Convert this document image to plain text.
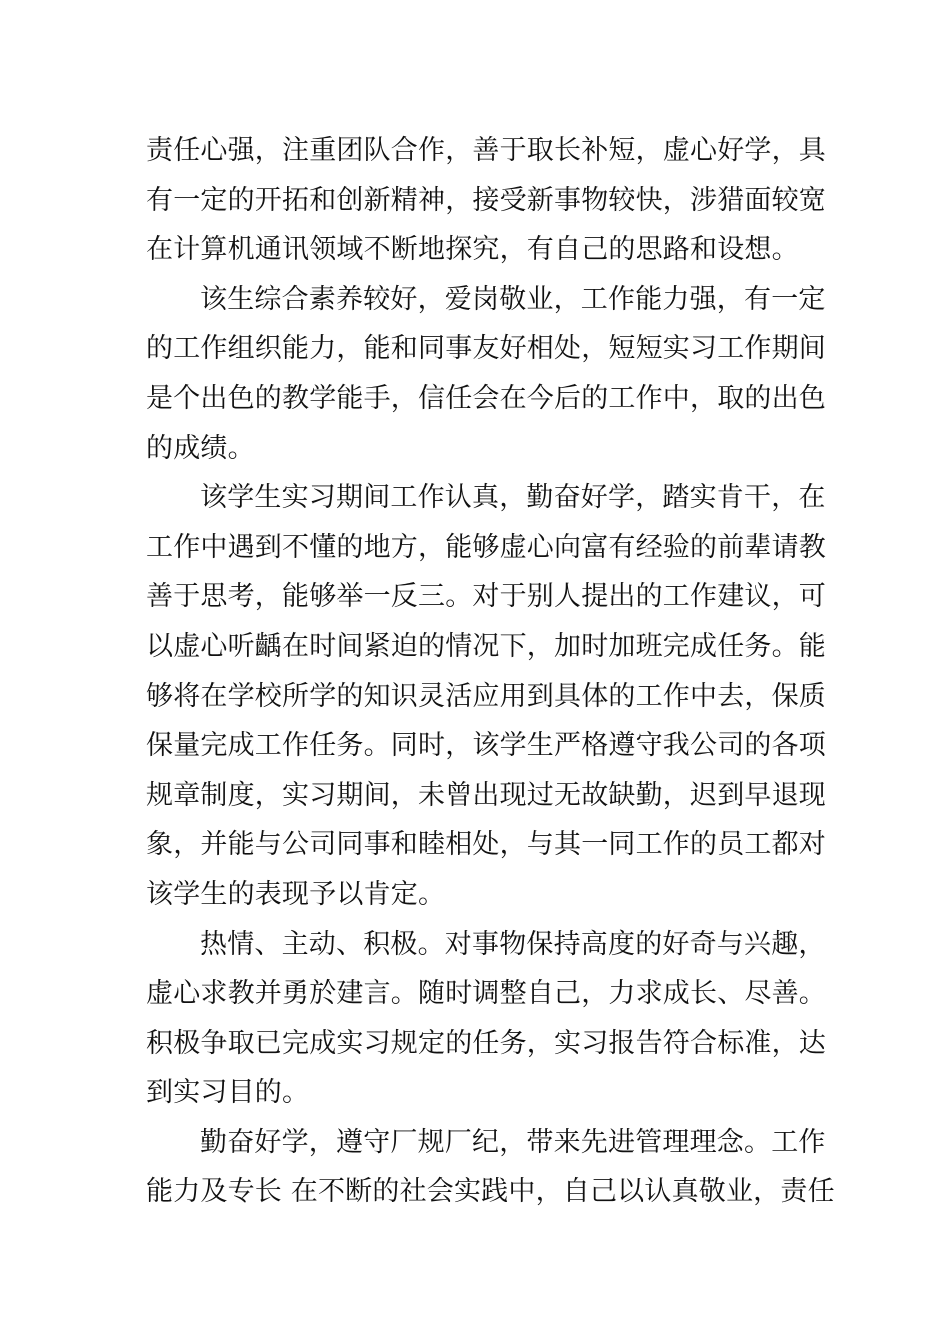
责任心强，注重团队合作，善于取长补短，虚心好学，具
有一定的开拓和创新精神，接受新事物较快，涉猎面较宽
在计算机通讯领域不断地探究，有自己的思路和设想。
该生综合素养较好，爱岗敬业，工作能力强，有一定
的工作组织能力，能和同事友好相处，短短实习工作期间
是个出色的教学能手，信任会在今后的工作中，取的出色
的成绩。
该学生实习期间工作认真，勤奋好学，踏实肯干，在
工作中遇到不懂的地方，能够虚心向富有经验的前辈请教
善于思考，能够举一反三。对于别人提出的工作建议，可
以虚心听齲在时间紧迫的情况下，加时加班完成任务。能
够将在学校所学的知识灵活应用到具体的工作中去，保质
保量完成工作任务。同时，该学生严格遵守我公司的各项
规章制度，实习期间，未曾出现过无故缺勤，迟到早退现
象，并能与公司同事和睦相处，与其一同工作的员工都对
该学生的表现予以肯定。
热情、主动、积极。对事物保持高度的好奇与兴趣，
虚心求教并勇於建言。随时调整自己，力求成长、尽善。
积极争取已完成实习规定的任务，实习报告符合标准，达
到实习目的。
勤奋好学，遵守厂规厂纪，带来先进管理理念。工作
能力及专长 在不断的社会实践中，自己以认真敬业，责任
